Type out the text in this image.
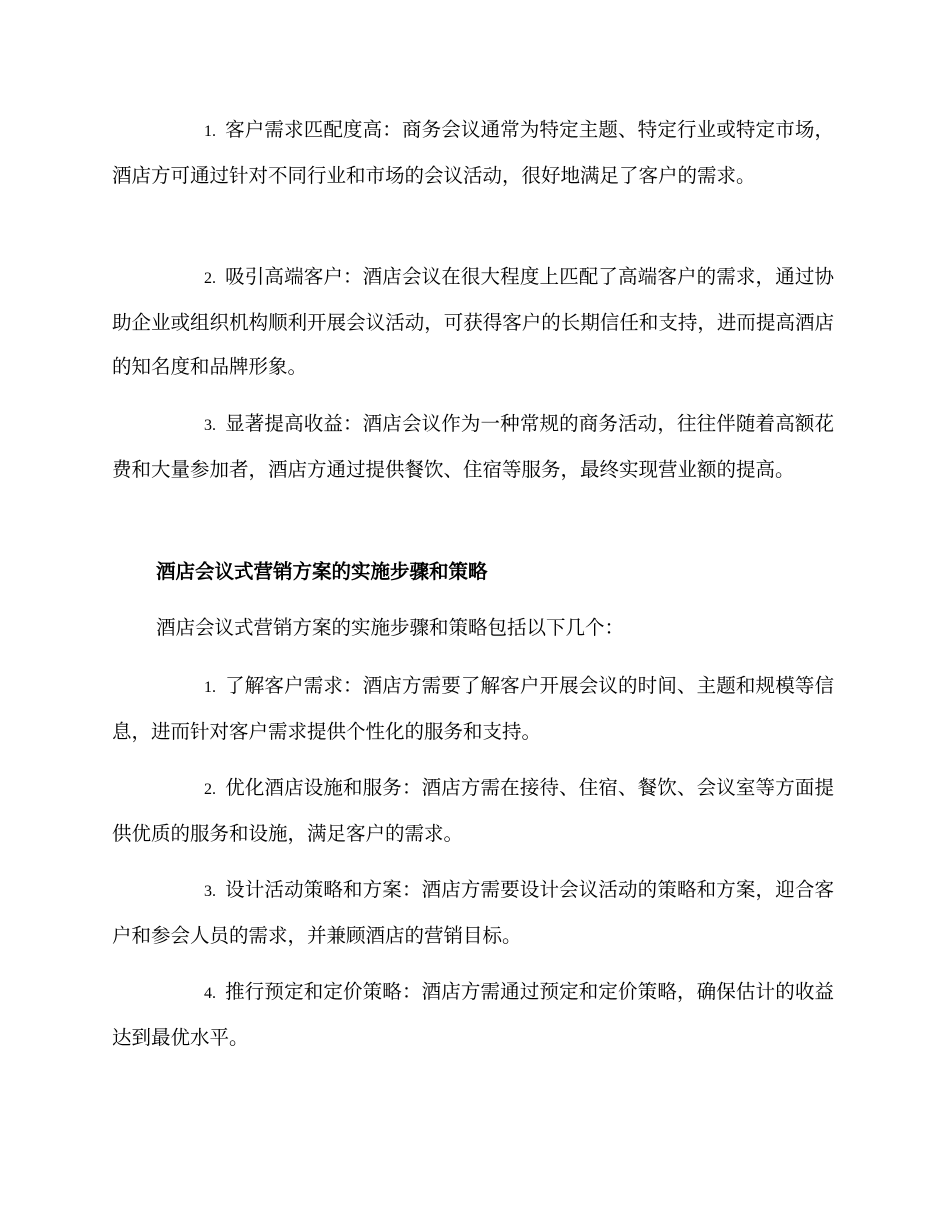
1. 客户需求匹配度高：商务会议通常为特定主题、特定行业或特定市场，酒店方可通过针对不同行业和市场的会议活动，很好地满足了客户的需求。

2. 吸引高端客户：酒店会议在很大程度上匹配了高端客户的需求，通过协助企业或组织机构顺利开展会议活动，可获得客户的长期信任和支持，进而提高酒店的知名度和品牌形象。

3. 显著提高收益：酒店会议作为一种常规的商务活动，往往伴随着高额花费和大量参加者，酒店方通过提供餐饮、住宿等服务，最终实现营业额的提高。

酒店会议式营销方案的实施步骤和策略

酒店会议式营销方案的实施步骤和策略包括以下几个：

1. 了解客户需求：酒店方需要了解客户开展会议的时间、主题和规模等信息，进而针对客户需求提供个性化的服务和支持。

2. 优化酒店设施和服务：酒店方需在接待、住宿、餐饮、会议室等方面提供优质的服务和设施，满足客户的需求。

3. 设计活动策略和方案：酒店方需要设计会议活动的策略和方案，迎合客户和参会人员的需求，并兼顾酒店的营销目标。

4. 推行预定和定价策略：酒店方需通过预定和定价策略，确保估计的收益达到最优水平。
